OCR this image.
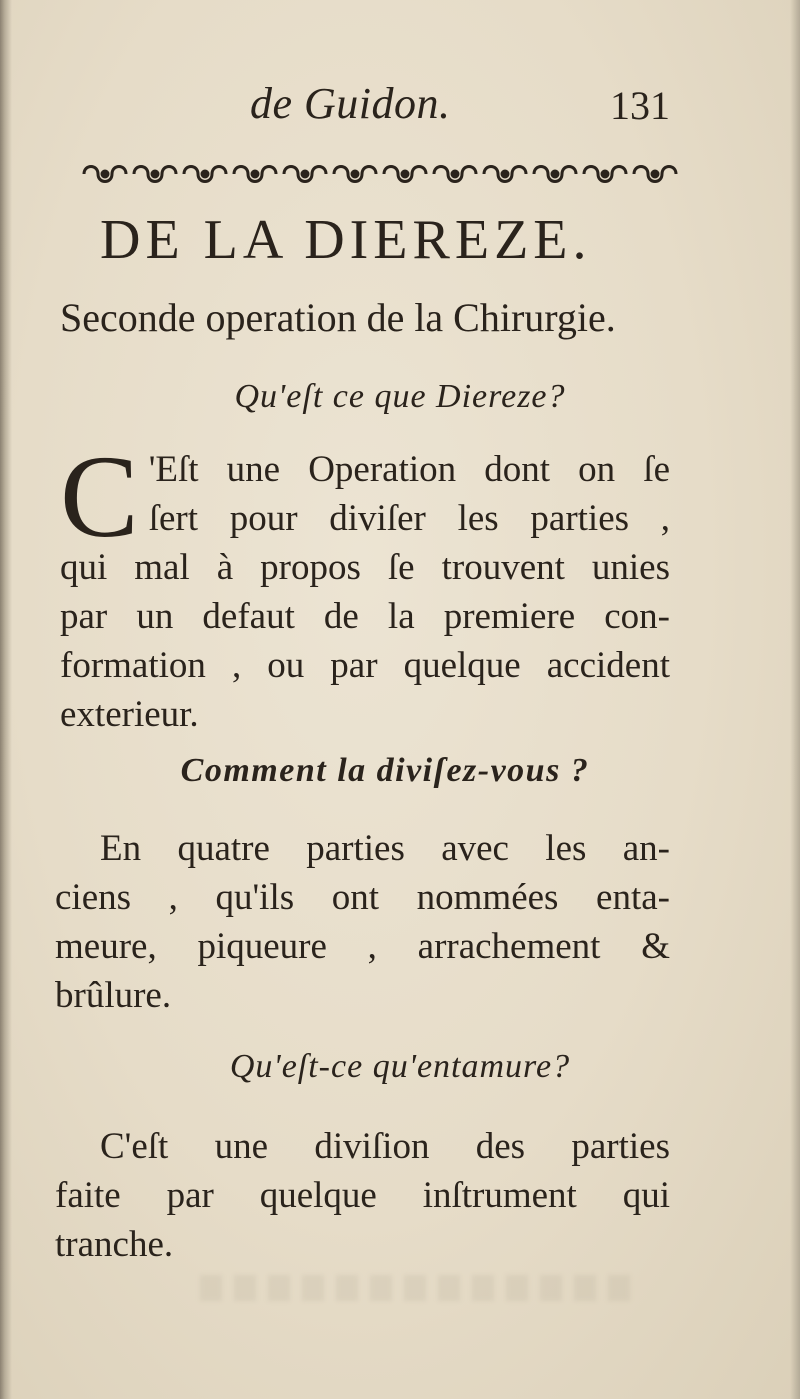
de Guidon.	131
DE LA DIEREZE.
Seconde operation de la Chirurgie.
Qu'eſt ce que Diereze?
C 'Eſt une Operation dont on ſe
ſert pour diviſer les parties ,
qui mal à propos ſe trouvent unies
par un defaut de la premiere con-
formation , ou par quelque accident
exterieur.
Comment la diviſez-vous ?
En quatre parties avec les an-
ciens , qu'ils ont nommées enta-
meure, piqueure , arrachement &
brûlure.
Qu'eſt-ce qu'entamure?
C'eſt une diviſion des parties
faite par quelque inſtrument qui
tranche.
